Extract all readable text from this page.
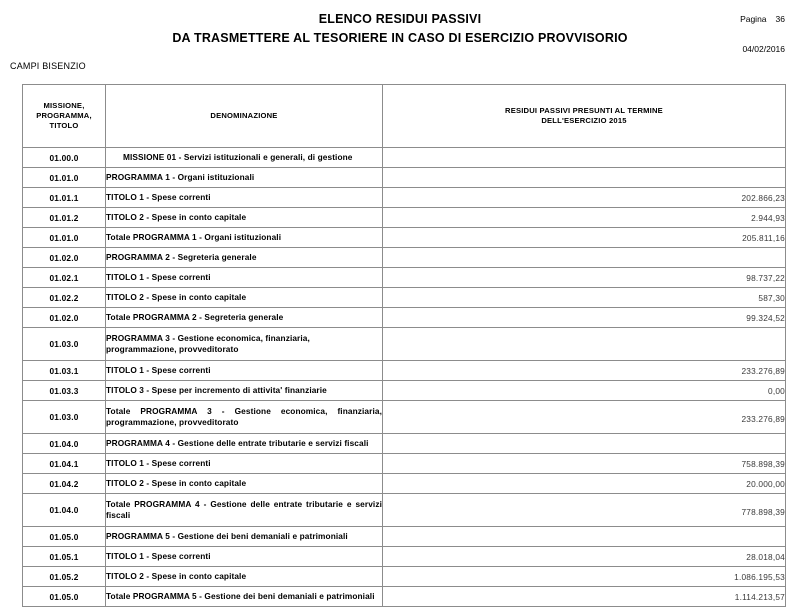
ELENCO RESIDUI PASSIVI
DA TRASMETTERE AL TESORIERE IN CASO DI ESERCIZIO PROVVISORIO
Pagina 36
04/02/2016
CAMPI BISENZIO
MISSIONE,
PROGRAMMA,
TITOLO

DENOMINAZIONE

RESIDUI PASSIVI PRESUNTI AL TERMINE
DELL'ESERCIZIO 2015

01.00.0	MISSIONE 01 - Servizi istituzionali e generali, di gestione	
01.01.0	PROGRAMMA 1 - Organi istituzionali	
01.01.1	TITOLO 1 - Spese correnti	202.866,23
01.01.2	TITOLO 2 - Spese in conto capitale	2.944,93
01.01.0	Totale PROGRAMMA 1 - Organi istituzionali	205.811,16
01.02.0	PROGRAMMA 2 - Segreteria generale	
01.02.1	TITOLO 1 - Spese correnti	98.737,22
01.02.2	TITOLO 2 - Spese in conto capitale	587,30
01.02.0	Totale PROGRAMMA 2 - Segreteria generale	99.324,52
01.03.0	PROGRAMMA 3 - Gestione economica, finanziaria, programmazione, provveditorato	
01.03.1	TITOLO 1 - Spese correnti	233.276,89
01.03.3	TITOLO 3 - Spese per incremento di attivita' finanziarie	0,00
01.03.0	Totale PROGRAMMA 3 - Gestione economica, finanziaria, programmazione, provveditorato	233.276,89
01.04.0	PROGRAMMA 4 - Gestione delle entrate tributarie e servizi fiscali	
01.04.1	TITOLO 1 - Spese correnti	758.898,39
01.04.2	TITOLO 2 - Spese in conto capitale	20.000,00
01.04.0	Totale PROGRAMMA 4 - Gestione delle entrate tributarie e servizi fiscali	778.898,39
01.05.0	PROGRAMMA 5 - Gestione dei beni demaniali e patrimoniali	
01.05.1	TITOLO 1 - Spese correnti	28.018,04
01.05.2	TITOLO 2 - Spese in conto capitale	1.086.195,53
01.05.0	Totale PROGRAMMA 5 - Gestione dei beni demaniali e patrimoniali	1.114.213,57
